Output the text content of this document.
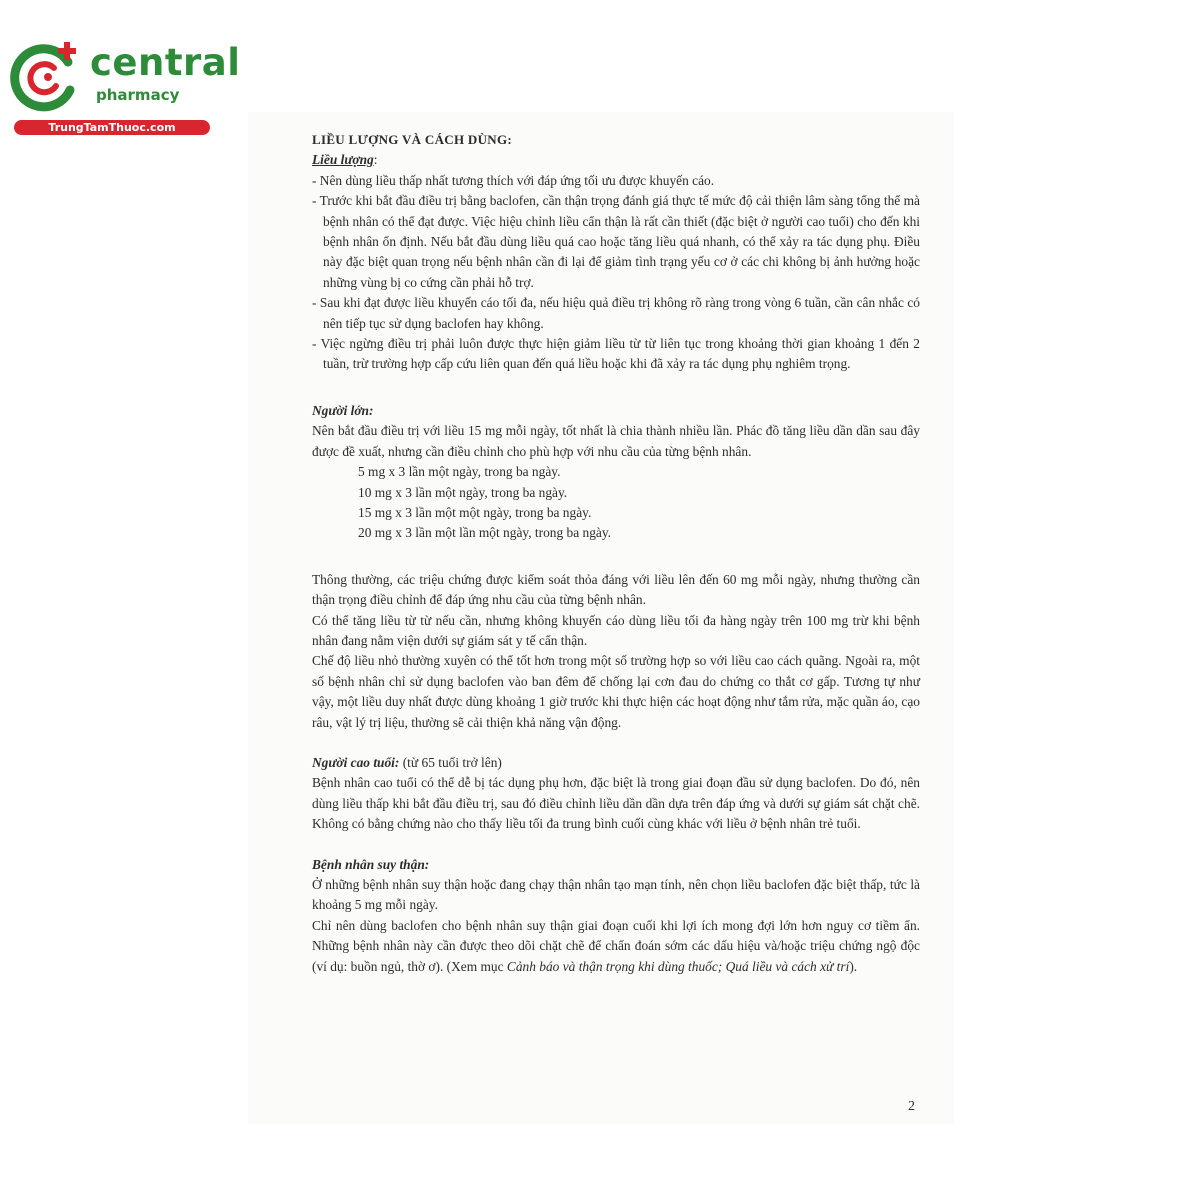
central
pharmacy
TrungTamThuoc.com

LIỀU LƯỢNG VÀ CÁCH DÙNG:

Liều lượng:

- Nên dùng liều thấp nhất tương thích với đáp ứng tối ưu được khuyến cáo.

- Trước khi bắt đầu điều trị bằng baclofen, cần thận trọng đánh giá thực tế mức độ cải thiện lâm sàng tổng thể mà bệnh nhân có thể đạt được. Việc hiệu chỉnh liều cẩn thận là rất cần thiết (đặc biệt ở người cao tuổi) cho đến khi bệnh nhân ổn định. Nếu bắt đầu dùng liều quá cao hoặc tăng liều quá nhanh, có thể xảy ra tác dụng phụ. Điều này đặc biệt quan trọng nếu bệnh nhân cần đi lại để giảm tình trạng yếu cơ ở các chi không bị ảnh hưởng hoặc những vùng bị co cứng cần phải hỗ trợ.

- Sau khi đạt được liều khuyến cáo tối đa, nếu hiệu quả điều trị không rõ ràng trong vòng 6 tuần, cần cân nhắc có nên tiếp tục sử dụng baclofen hay không.

- Việc ngừng điều trị phải luôn được thực hiện giảm liều từ từ liên tục trong khoảng thời gian khoảng 1 đến 2 tuần, trừ trường hợp cấp cứu liên quan đến quá liều hoặc khi đã xảy ra tác dụng phụ nghiêm trọng.

Người lớn:

Nên bắt đầu điều trị với liều 15 mg mỗi ngày, tốt nhất là chia thành nhiều lần. Phác đồ tăng liều dần dần sau đây được đề xuất, nhưng cần điều chỉnh cho phù hợp với nhu cầu của từng bệnh nhân.

5 mg x 3 lần một ngày, trong ba ngày.

10 mg x 3 lần một ngày, trong ba ngày.

15 mg x 3 lần một một ngày, trong ba ngày.

20 mg x 3 lần một lần một ngày, trong ba ngày.

Thông thường, các triệu chứng được kiểm soát thỏa đáng với liều lên đến 60 mg mỗi ngày, nhưng thường cần thận trọng điều chỉnh để đáp ứng nhu cầu của từng bệnh nhân.

Có thể tăng liều từ từ nếu cần, nhưng không khuyến cáo dùng liều tối đa hàng ngày trên 100 mg trừ khi bệnh nhân đang nằm viện dưới sự giám sát y tế cẩn thận.

Chế độ liều nhỏ thường xuyên có thể tốt hơn trong một số trường hợp so với liều cao cách quãng. Ngoài ra, một số bệnh nhân chỉ sử dụng baclofen vào ban đêm để chống lại cơn đau do chứng co thắt cơ gấp. Tương tự như vậy, một liều duy nhất được dùng khoảng 1 giờ trước khi thực hiện các hoạt động như tắm rửa, mặc quần áo, cạo râu, vật lý trị liệu, thường sẽ cải thiện khả năng vận động.

Người cao tuổi: (từ 65 tuổi trở lên)

Bệnh nhân cao tuổi có thể dễ bị tác dụng phụ hơn, đặc biệt là trong giai đoạn đầu sử dụng baclofen. Do đó, nên dùng liều thấp khi bắt đầu điều trị, sau đó điều chỉnh liều dần dần dựa trên đáp ứng và dưới sự giám sát chặt chẽ. Không có bằng chứng nào cho thấy liều tối đa trung bình cuối cùng khác với liều ở bệnh nhân trẻ tuổi.

Bệnh nhân suy thận:

Ở những bệnh nhân suy thận hoặc đang chạy thận nhân tạo mạn tính, nên chọn liều baclofen đặc biệt thấp, tức là khoảng 5 mg mỗi ngày.

Chỉ nên dùng baclofen cho bệnh nhân suy thận giai đoạn cuối khi lợi ích mong đợi lớn hơn nguy cơ tiềm ẩn. Những bệnh nhân này cần được theo dõi chặt chẽ để chẩn đoán sớm các dấu hiệu và/hoặc triệu chứng ngộ độc (ví dụ: buồn ngủ, thờ ơ). (Xem mục Cảnh báo và thận trọng khi dùng thuốc; Quá liều và cách xử trí).

2
